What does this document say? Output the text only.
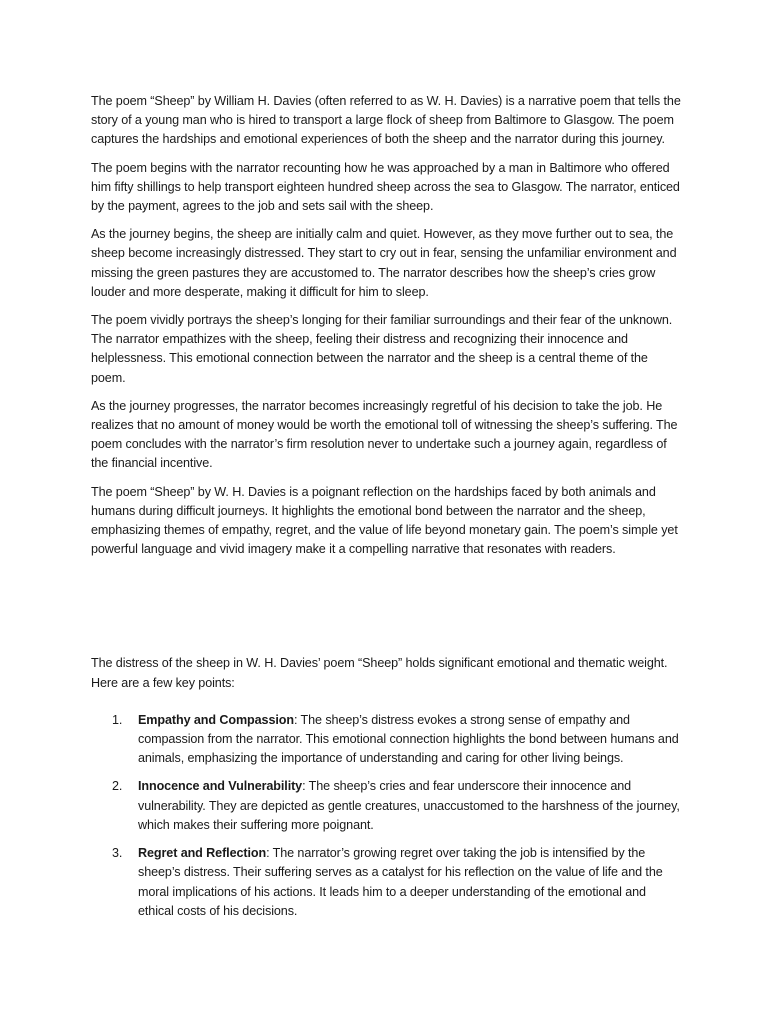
The poem “Sheep” by William H. Davies (often referred to as W. H. Davies) is a narrative poem that tells the story of a young man who is hired to transport a large flock of sheep from Baltimore to Glasgow. The poem captures the hardships and emotional experiences of both the sheep and the narrator during this journey.

The poem begins with the narrator recounting how he was approached by a man in Baltimore who offered him fifty shillings to help transport eighteen hundred sheep across the sea to Glasgow. The narrator, enticed by the payment, agrees to the job and sets sail with the sheep.

As the journey begins, the sheep are initially calm and quiet. However, as they move further out to sea, the sheep become increasingly distressed. They start to cry out in fear, sensing the unfamiliar environment and missing the green pastures they are accustomed to. The narrator describes how the sheep’s cries grow louder and more desperate, making it difficult for him to sleep.

The poem vividly portrays the sheep’s longing for their familiar surroundings and their fear of the unknown. The narrator empathizes with the sheep, feeling their distress and recognizing their innocence and helplessness. This emotional connection between the narrator and the sheep is a central theme of the poem.

As the journey progresses, the narrator becomes increasingly regretful of his decision to take the job. He realizes that no amount of money would be worth the emotional toll of witnessing the sheep’s suffering. The poem concludes with the narrator’s firm resolution never to undertake such a journey again, regardless of the financial incentive.

The poem “Sheep” by W. H. Davies is a poignant reflection on the hardships faced by both animals and humans during difficult journeys. It highlights the emotional bond between the narrator and the sheep, emphasizing themes of empathy, regret, and the value of life beyond monetary gain. The poem’s simple yet powerful language and vivid imagery make it a compelling narrative that resonates with readers.

The distress of the sheep in W. H. Davies’ poem “Sheep” holds significant emotional and thematic weight. Here are a few key points:

1. Empathy and Compassion: The sheep’s distress evokes a strong sense of empathy and compassion from the narrator. This emotional connection highlights the bond between humans and animals, emphasizing the importance of understanding and caring for other living beings.
2. Innocence and Vulnerability: The sheep’s cries and fear underscore their innocence and vulnerability. They are depicted as gentle creatures, unaccustomed to the harshness of the journey, which makes their suffering more poignant.
3. Regret and Reflection: The narrator’s growing regret over taking the job is intensified by the sheep’s distress. Their suffering serves as a catalyst for his reflection on the value of life and the moral implications of his actions. It leads him to a deeper understanding of the emotional and ethical costs of his decisions.
